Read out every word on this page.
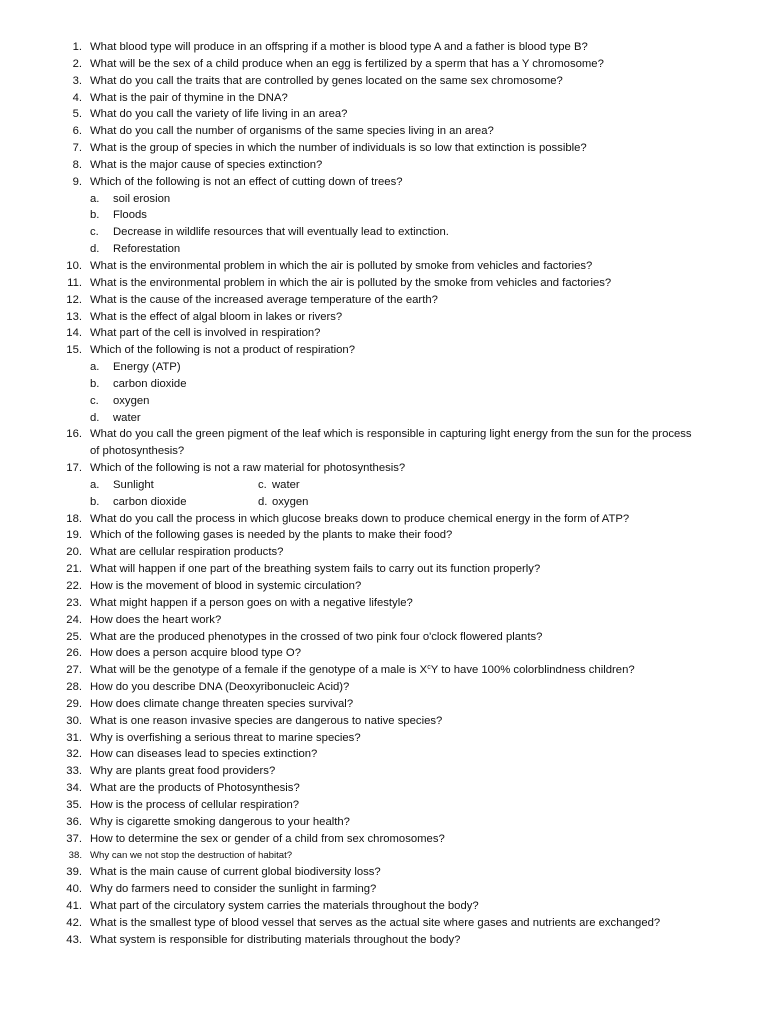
1. What blood type will produce in an offspring if a mother is blood type A and a father is blood type B?
2. What will be the sex of a child produce when an egg is fertilized by a sperm that has a Y chromosome?
3. What do you call the traits that are controlled by genes located on the same sex chromosome?
4. What is the pair of thymine in the DNA?
5. What do you call the variety of life living in an area?
6. What do you call the number of organisms of the same species living in an area?
7. What is the group of species in which the number of individuals is so low that extinction is possible?
8. What is the major cause of species extinction?
9. Which of the following is not an effect of cutting down of trees?
a. soil erosion
b. Floods
c. Decrease in wildlife resources that will eventually lead to extinction.
d. Reforestation
10. What is the environmental problem in which the air is polluted by smoke from vehicles and factories?
11. What is the environmental problem in which the air is polluted by the smoke from vehicles and factories?
12. What is the cause of the increased average temperature of the earth?
13. What is the effect of algal bloom in lakes or rivers?
14. What part of the cell is involved in respiration?
15. Which of the following is not a product of respiration?
a. Energy (ATP)
b. carbon dioxide
c. oxygen
d. water
16. What do you call the green pigment of the leaf which is responsible in capturing light energy from the sun for the process of photosynthesis?
17. Which of the following is not a raw material for photosynthesis?
a. Sunlight	c. water
b. carbon dioxide	d. oxygen
18. What do you call the process in which glucose breaks down to produce chemical energy in the form of ATP?
19. Which of the following gases is needed by the plants to make their food?
20. What are cellular respiration products?
21. What will happen if one part of the breathing system fails to carry out its function properly?
22. How is the movement of blood in systemic circulation?
23. What might happen if a person goes on with a negative lifestyle?
24. How does the heart work?
25. What are the produced phenotypes in the crossed of two pink four o'clock flowered plants?
26. How does a person acquire blood type O?
27. What will be the genotype of a female if the genotype of a male is $X^cY$ to have 100% colorblindness children?
28. How do you describe DNA (Deoxyribonucleic Acid)?
29. How does climate change threaten species survival?
30. What is one reason invasive species are dangerous to native species?
31. Why is overfishing a serious threat to marine species?
32. How can diseases lead to species extinction?
33. Why are plants great food providers?
34. What are the products of Photosynthesis?
35. How is the process of cellular respiration?
36. Why is cigarette smoking dangerous to your health?
37. How to determine the sex or gender of a child from sex chromosomes?
38. Why can we not stop the destruction of habitat?
39. What is the main cause of current global biodiversity loss?
40. Why do farmers need to consider the sunlight in farming?
41. What part of the circulatory system carries the materials throughout the body?
42. What is the smallest type of blood vessel that serves as the actual site where gases and nutrients are exchanged?
43. What system is responsible for distributing materials throughout the body?
